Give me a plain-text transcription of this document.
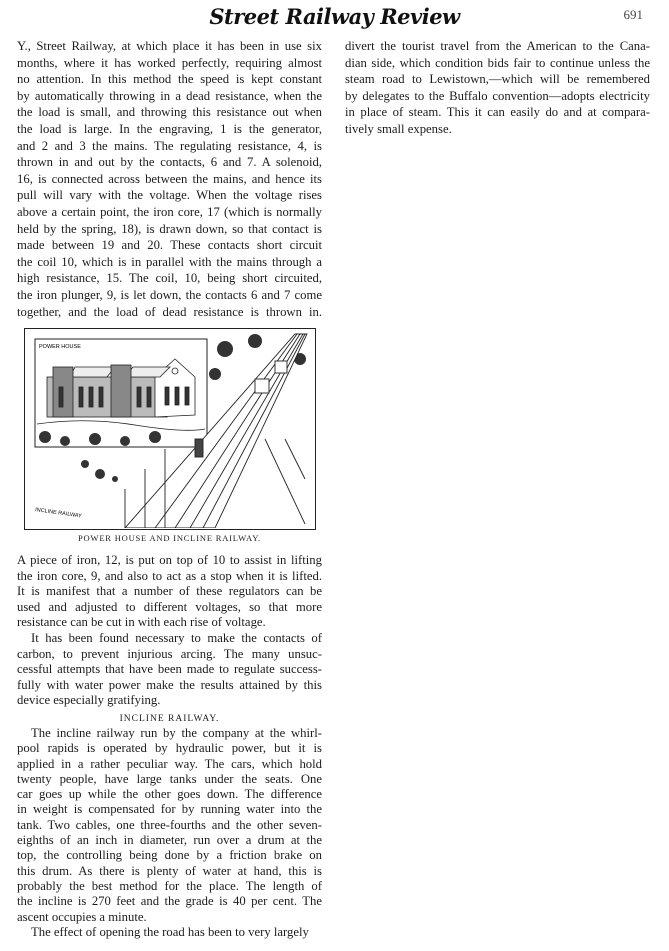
Street Railway Review	691
Y., Street Railway, at which place it has been in use six
months, where it has worked perfectly, requiring almost
no attention. In this method the speed is kept constant
by automatically throwing in a dead resistance, when the
the load is small, and throwing this resistance out when
the load is large. In the engraving, 1 is the generator,
and 2 and 3 the mains. The regulating resistance, 4, is
thrown in and out by the contacts, 6 and 7. A solenoid,
16, is connected across between the mains, and hence its
pull will vary with the voltage. When the voltage rises
above a certain point, the iron core, 17 (which is normally
held by the spring, 18), is drawn down, so that contact is
made between 19 and 20. These contacts short circuit
the coil 10, which is in parallel with the mains through a
high resistance, 15. The coil, 10, being short circuited,
the iron plunger, 9, is let down, the contacts 6 and 7 come
together, and the load of dead resistance is thrown in.
divert the tourist travel from the American to the Cana-
dian side, which condition bids fair to continue unless the
steam road to Lewistown,—which will be remembered
by delegates to the Buffalo convention—adopts electricity
in place of steam. This it can easily do and at compara-
tively small expense.
POWER HOUSE
INCLINE RAILWAY
POWER HOUSE AND INCLINE RAILWAY.
A piece of iron, 12, is put on top of 10 to assist in lifting
the iron core, 9, and also to act as a stop when it is lifted.
It is manifest that a number of these regulators can be
used and adjusted to different voltages, so that more
resistance can be cut in with each rise of voltage.
It has been found necessary to make the contacts of
carbon, to prevent injurious arcing. The many unsuc-
cessful attempts that have been made to regulate success-
fully with water power make the results attained by this
device especially gratifying.
INCLINE RAILWAY.
The incline railway run by the company at the whirl-
pool rapids is operated by hydraulic power, but it is
applied in a rather peculiar way. The cars, which hold
twenty people, have large tanks under the seats. One
car goes up while the other goes down. The difference
in weight is compensated for by running water into the
tank. Two cables, one three-fourths and the other seven-
eighths of an inch in diameter, run over a drum at the
top, the controlling being done by a friction brake on
this drum. As there is plenty of water at hand, this is
probably the best method for the place. The length of
the incline is 270 feet and the grade is 40 per cent. The
ascent occupies a minute.
The effect of opening the road has been to very largely
